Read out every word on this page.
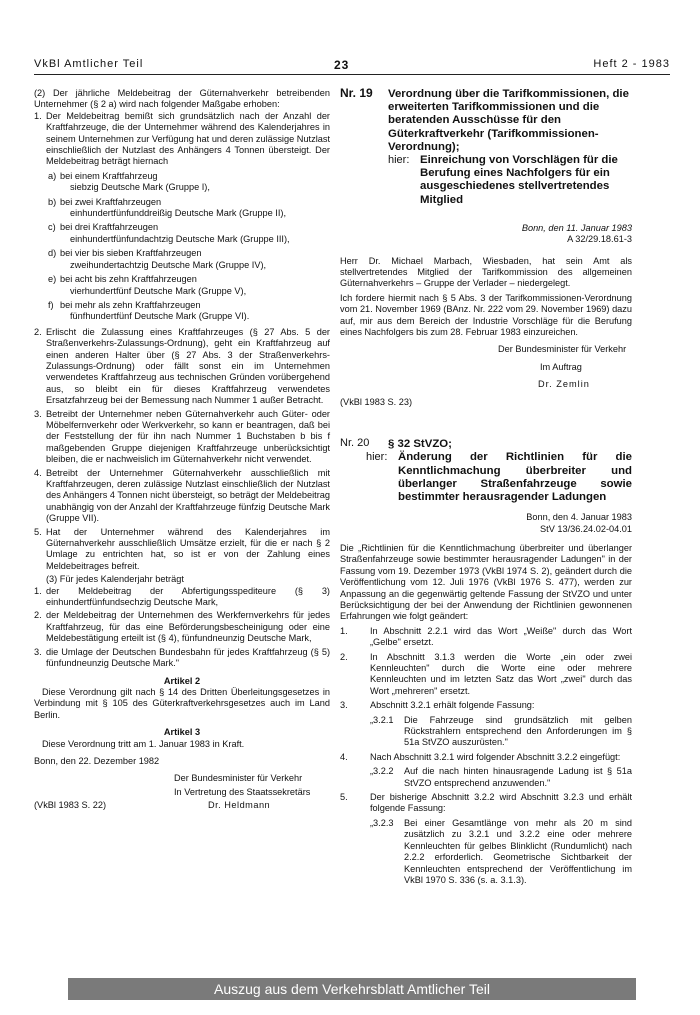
VkBl Amtlicher Teil	23	Heft 2 - 1983

(2) Der jährliche Meldebeitrag der Güternahverkehr betreibenden Unternehmer (§ 2 a) wird nach folgender Maßgabe erhoben:

1. Der Meldebeitrag bemißt sich grundsätzlich nach der Anzahl der Kraftfahrzeuge, die der Unternehmer während des Kalenderjahres in seinem Unternehmen zur Verfügung hat und deren zulässige Nutzlast einschließlich der Nutzlast des Anhängers 4 Tonnen übersteigt. Der Meldebeitrag beträgt hiernach
a) bei einem Kraftfahrzeug
siebzig Deutsche Mark (Gruppe I),
b) bei zwei Kraftfahrzeugen
einhundertfünfunddreißig Deutsche Mark (Gruppe II),
c) bei drei Kraftfahrzeugen
einhundertfünfundachtzig Deutsche Mark (Gruppe III),
d) bei vier bis sieben Kraftfahrzeugen
zweihundertachtzig Deutsche Mark (Gruppe IV),
e) bei acht bis zehn Kraftfahrzeugen
vierhundertfünf Deutsche Mark (Gruppe V),
f) bei mehr als zehn Kraftfahrzeugen
fünfhundertfünf Deutsche Mark (Gruppe VI).
2. Erlischt die Zulassung eines Kraftfahrzeuges (§ 27 Abs. 5 der Straßenverkehrs-Zulassungs-Ordnung), geht ein Kraftfahrzeug auf einen anderen Halter über (§ 27 Abs. 3 der Straßenverkehrs-Zulassungs-Ordnung) oder fällt sonst ein im Unternehmen verwendetes Kraftfahrzeug aus technischen Gründen vorübergehend aus, so bleibt ein für dieses Kraftfahrzeug verwendetes Ersatzfahrzeug bei der Bemessung nach Nummer 1 außer Betracht.
3. Betreibt der Unternehmer neben Güternahverkehr auch Güter- oder Möbelfernverkehr oder Werkverkehr, so kann er beantragen, daß bei der Feststellung der für ihn nach Nummer 1 Buchstaben b bis f maßgebenden Gruppe diejenigen Kraftfahrzeuge unberücksichtigt bleiben, die er nachweislich im Güternahverkehr nicht verwendet.
4. Betreibt der Unternehmer Güternahverkehr ausschließlich mit Kraftfahrzeugen, deren zulässige Nutzlast einschließlich der Nutzlast des Anhängers 4 Tonnen nicht übersteigt, so beträgt der Meldebeitrag unabhängig von der Anzahl der Kraftfahrzeuge fünfzig Deutsche Mark (Gruppe VII).
5. Hat der Unternehmer während des Kalenderjahres im Güternahverkehr ausschließlich Umsätze erzielt, für die er nach § 2 Umlage zu entrichten hat, so ist er von der Zahlung eines Meldebeitrages befreit.

(3) Für jedes Kalenderjahr beträgt

1. der Meldebeitrag der Abfertigungsspediteure (§ 3) einhundertfünfundsechzig Deutsche Mark,
2. der Meldebeitrag der Unternehmen des Werkfernverkehrs für jedes Kraftfahrzeug, für das eine Beförderungsbescheinigung oder eine Meldebestätigung erteilt ist (§ 4), fünfundneunzig Deutsche Mark,
3. die Umlage der Deutschen Bundesbahn für jedes Kraftfahrzeug (§ 5) fünfundneunzig Deutsche Mark."

Artikel 2

Diese Verordnung gilt nach § 14 des Dritten Überleitungsgesetzes in Verbindung mit § 105 des Güterkraftverkehrsgesetzes auch im Land Berlin.

Artikel 3

Diese Verordnung tritt am 1. Januar 1983 in Kraft.

Bonn, den 22. Dezember 1982

Der Bundesminister für Verkehr

In Vertretung des Staatssekretärs

(VkBl 1983 S. 22)	Dr. Heldmann
Nr. 19	Verordnung über die Tarifkommissionen, die erweiterten Tarifkommissionen und die beratenden Ausschüsse für den Güterkraftverkehr (Tarifkommissionen-Verordnung);
hier: Einreichung von Vorschlägen für die Berufung eines Nachfolgers für ein ausgeschiedenes stellvertretendes Mitglied

Bonn, den 11. Januar 1983

A 32/29.18.61-3

Herr Dr. Michael Marbach, Wiesbaden, hat sein Amt als stellvertretendes Mitglied der Tarifkommission des allgemeinen Güternahverkehrs – Gruppe der Verlader – niedergelegt.

Ich fordere hiermit nach § 5 Abs. 3 der Tarifkommissionen-Verordnung vom 21. November 1969 (BAnz. Nr. 222 vom 29. November 1969) dazu auf, mir aus dem Bereich der Industrie Vorschläge für die Berufung eines Nachfolgers bis zum 28. Februar 1983 einzureichen.

Der Bundesminister für Verkehr

Im Auftrag

Dr. Zemlin

(VkBl 1983 S. 23)

Nr. 20	§ 32 StVZO;
hier: Änderung der Richtlinien für die Kenntlichmachung überbreiter und überlanger Straßenfahrzeuge sowie bestimmter herausragender Ladungen

Bonn, den 4. Januar 1983

StV 13/36.24.02-04.01

Die „Richtlinien für die Kenntlichmachung überbreiter und überlanger Straßenfahrzeuge sowie bestimmter herausragender Ladungen" in der Fassung vom 19. Dezember 1973 (VkBl 1974 S. 2), geändert durch die Veröffentlichung vom 12. Juli 1976 (VkBl 1976 S. 477), werden zur Anpassung an die gegenwärtig geltende Fassung der StVZO und unter Berücksichtigung der bei der Anwendung der Richtlinien gewonnenen Erfahrungen wie folgt geändert:

1. In Abschnitt 2.2.1 wird das Wort „Weiße" durch das Wort „Gelbe" ersetzt.
2. In Abschnitt 3.1.3 werden die Worte „ein oder zwei Kennleuchten" durch die Worte eine oder mehrere Kennleuchten und im letzten Satz das Wort „zwei" durch das Wort „mehreren" ersetzt.
3. Abschnitt 3.2.1 erhält folgende Fassung:
„3.2.1 Die Fahrzeuge sind grundsätzlich mit gelben Rückstrahlern entsprechend den Anforderungen im § 51a StVZO auszurüsten."
4. Nach Abschnitt 3.2.1 wird folgender Abschnitt 3.2.2 eingefügt:
„3.2.2 Auf die nach hinten hinausragende Ladung ist § 51a StVZO entsprechend anzuwenden."
5. Der bisherige Abschnitt 3.2.2 wird Abschnitt 3.2.3 und erhält folgende Fassung:
„3.2.3 Bei einer Gesamtlänge von mehr als 20 m sind zusätzlich zu 3.2.1 und 3.2.2 eine oder mehrere Kennleuchten für gelbes Blinklicht (Rundumlicht) nach 2.2.2 erforderlich. Geometrische Sichtbarkeit der Kennleuchten entsprechend der Veröffentlichung im VkBl 1970 S. 336 (s. a. 3.1.3).
Auszug aus dem Verkehrsblatt Amtlicher Teil
